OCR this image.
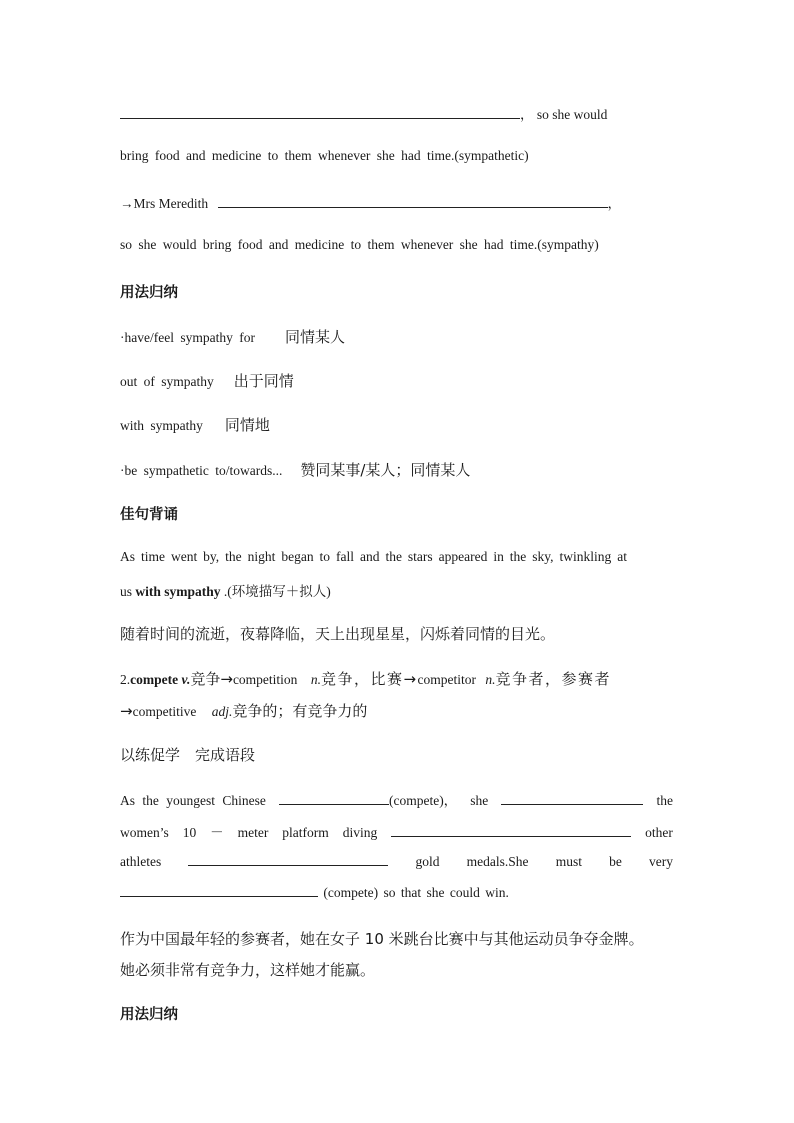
， so she would
bring food and medicine to them whenever she had time.(sympathetic)
→Mrs Meredith	，
so she would bring food and medicine to them whenever she had time.(sympathy)
用法归纳
·have/feel sympathy for 同情某人
out of sympathy 出于同情
with sympathy 同情地
·be sympathetic to/towards... 赞同某事/某人；同情某人
佳句背诵
As time went by, the night began to fall and the stars appeared in the sky, twinkling at
us with sympathy .(环境描写＋拟人)
随着时间的流逝，夜幕降临，天上出现星星，闪烁着同情的目光。
2.compete v.竞争→competition n.竞争，比赛→competitor n.竞争者，参赛者
→competitive adj.竞争的；有竞争力的
以练促学　完成语段
As the youngest Chinese	(compete)， she	the
women’s 10 － meter platform diving	other
athletes	gold medals.She must be very
(compete) so that she could win.
作为中国最年轻的参赛者，她在女子 10 米跳台比赛中与其他运动员争夺金牌。
她必须非常有竞争力，这样她才能赢。
用法归纳
